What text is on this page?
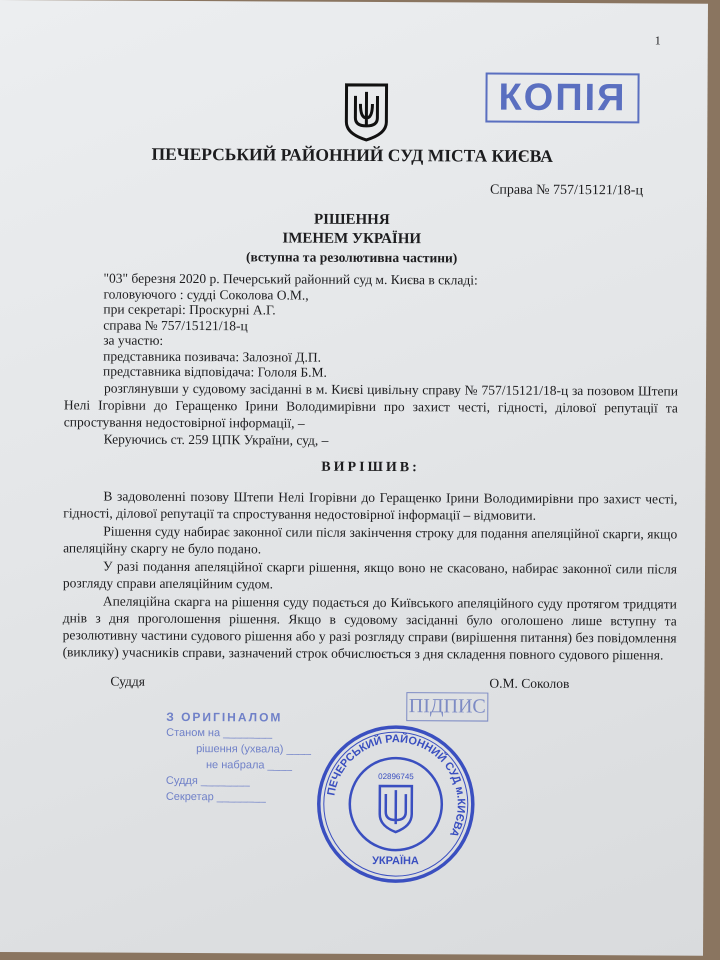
1
КОПІЯ
ПЕЧЕРСЬКИЙ РАЙОННИЙ СУД МІСТА КИЄВА
Справа № 757/15121/18-ц
РІШЕННЯ
ІМЕНЕМ УКРАЇНИ
(вступна та резолютивна частини)
"03" березня 2020 р. Печерський районний суд м. Києва в складі:
головуючого : судді Соколова О.М.,
при секретарі: Проскурні А.Г.
справа № 757/15121/18-ц
за участю:
представника позивача: Залозної Д.П.
представника відповідача: Гололя Б.М.
розглянувши у судовому засіданні в м. Києві цивільну справу № 757/15121/18-ц за позовом Штепи Нелі Ігорівни до Геращенко Ірини Володимирівни про захист честі, гідності, ділової репутації та спростування недостовірної інформації, –
Керуючись ст. 259 ЦПК України, суд, –
ВИРІШИВ:
В задоволенні позову Штепи Нелі Ігорівни до Геращенко Ірини Володимирівни про захист честі, гідності, ділової репутації та спростування недостовірної інформації – відмовити.
Рішення суду набирає законної сили після закінчення строку для подання апеляційної скарги, якщо апеляційну скаргу не було подано.
У разі подання апеляційної скарги рішення, якщо воно не скасовано, набирає законної сили після розгляду справи апеляційним судом.
Апеляційна скарга на рішення суду подається до Київського апеляційного суду протягом тридцяти днів з дня проголошення рішення. Якщо в судовому засіданні було оголошено лише вступну та резолютивну частини судового рішення або у разі розгляду справи (вирішення питання) без повідомлення (виклику) учасників справи, зазначений строк обчислюється з дня складення повного судового рішення.
Суддя	О.М. Соколов
ПІДПИС
З ОРИГІНАЛОМ
Станом на ________
рішення (ухвала) ____
не набрала ____
Суддя ________
Секретар ________	ПЕЧЕРСЬКИЙ РАЙОННИЙ СУД м.КИЄВА
02896745
УКРАЇНА
